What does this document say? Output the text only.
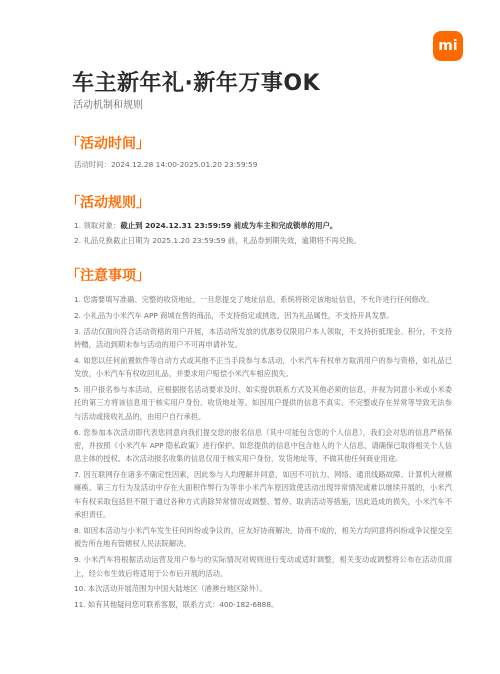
mi
车主新年礼·新年万事OK
活动机制和规则
「活动时间」

活动时间：2024.12.28 14:00-2025.01.20 23:59:59

「活动规则」
1. 领取对象：截止到 2024.12.31 23:59:59 前成为车主和完成锁单的用户。
2. 礼品兑换截止日期为 2025.1.20 23:59:59 前，礼品券到期失效，逾期将不再兑换。
「注意事项」

1. 您需要填写准确、完整的收货地址，一旦您提交了地址信息，系统将锁定该地址信息，不允许进行任何修改。

2. 小礼品为小米汽车 APP 商城在售的商品，不支持指定或挑选，因为礼品属性，不支持开具发票。

3. 活动仅面向符合活动资格的用户开展，本活动所发放的优惠券仅限用户本人领取，不支持折抵现金、积分，不支持转赠，活动到期未参与活动的用户不可再申请补发。

4. 如您以任何前置软件等自动方式或其他不正当手段参与本活动，小米汽车有权单方取消用户的参与资格，如礼品已发放，小米汽车有权收回礼品，并要求用户赔偿小米汽车相应损失。

5. 用户报名参与本活动，应根据报名活动要求及时、如实提供联系方式及其他必须的信息，并视为同意小米或小米委托的第三方将该信息用于核实用户身份、收货地址等。如因用户提供的信息不真实、不完整或存在异常等导致无法参与活动或接收礼品的，由用户自行承担。

6. 您参加本次活动即代表您同意向我们提交您的报名信息（其中可能包含您的个人信息），我们会对您的信息严格保密，并按照《小米汽车 APP 隐私政策》进行保护。如您提供的信息中包含他人的个人信息，请确保已取得相关个人信息主体的授权。本次活动报名收集的信息仅用于核实用户身份、发货地址等，不做其他任何商业用途。

7. 因互联网存在诸多不确定性因素，因此参与人均理解并同意，如因不可抗力、网络、通讯线路故障、计算机大规模瘫痪、第三方行为及活动中存在大面积作弊行为等非小米汽车原因致使活动出现异常情况或难以继续开展的，小米汽车有权采取包括但不限于通过各种方式消除异常情况或调整、暂停、取消活动等措施，因此造成的损失，小米汽车不承担责任。

8. 如因本活动与小米汽车发生任何纠纷或争议的，应友好协商解决，协商不成的，相关方均同意将纠纷或争议提交至被告所在地有管辖权人民法院解决。

9. 小米汽车将根据活动运营及用户参与的实际情况对规则进行变动或适时调整，相关变动或调整将公布在活动页面上，经公布生效后将适用于公布后开展的活动。

10. 本次活动开展范围为中国大陆地区（港澳台地区除外）。

11. 如有其他疑问您可联系客服，联系方式：400-182-6888。
